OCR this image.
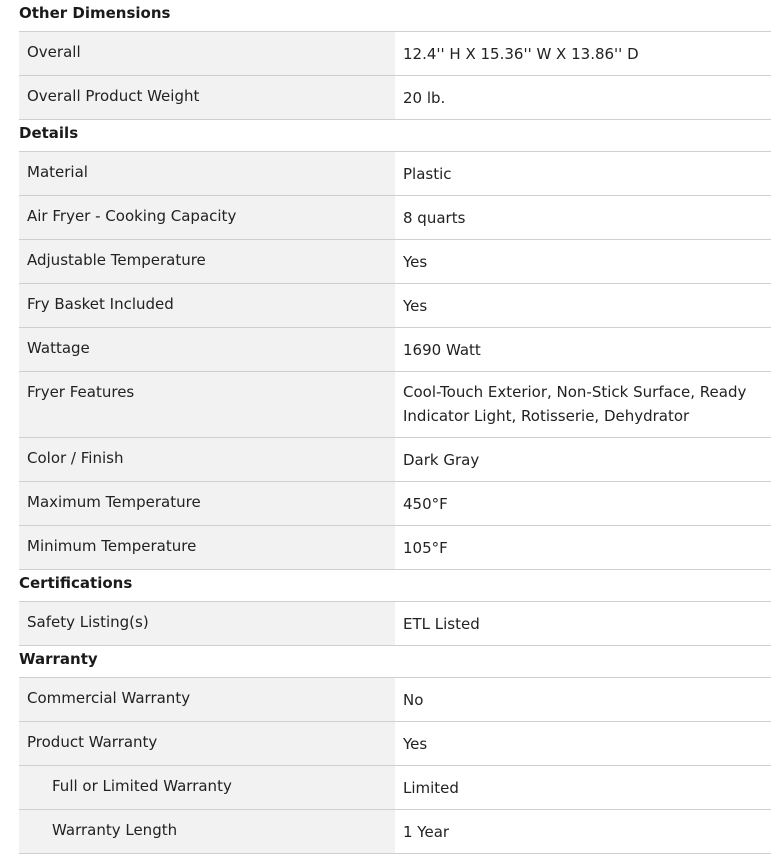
Other Dimensions
Overall	12.4'' H X 15.36'' W X 13.86'' D
Overall Product Weight	20 lb.
Details
Material	Plastic
Air Fryer - Cooking Capacity	8 quarts
Adjustable Temperature	Yes
Fry Basket Included	Yes
Wattage	1690 Watt
Fryer Features	Cool-Touch Exterior, Non-Stick Surface, Ready Indicator Light, Rotisserie, Dehydrator
Color / Finish	Dark Gray
Maximum Temperature	450°F
Minimum Temperature	105°F
Certifications
Safety Listing(s)	ETL Listed
Warranty
Commercial Warranty	No
Product Warranty	Yes
Full or Limited Warranty	Limited
Warranty Length	1 Year
